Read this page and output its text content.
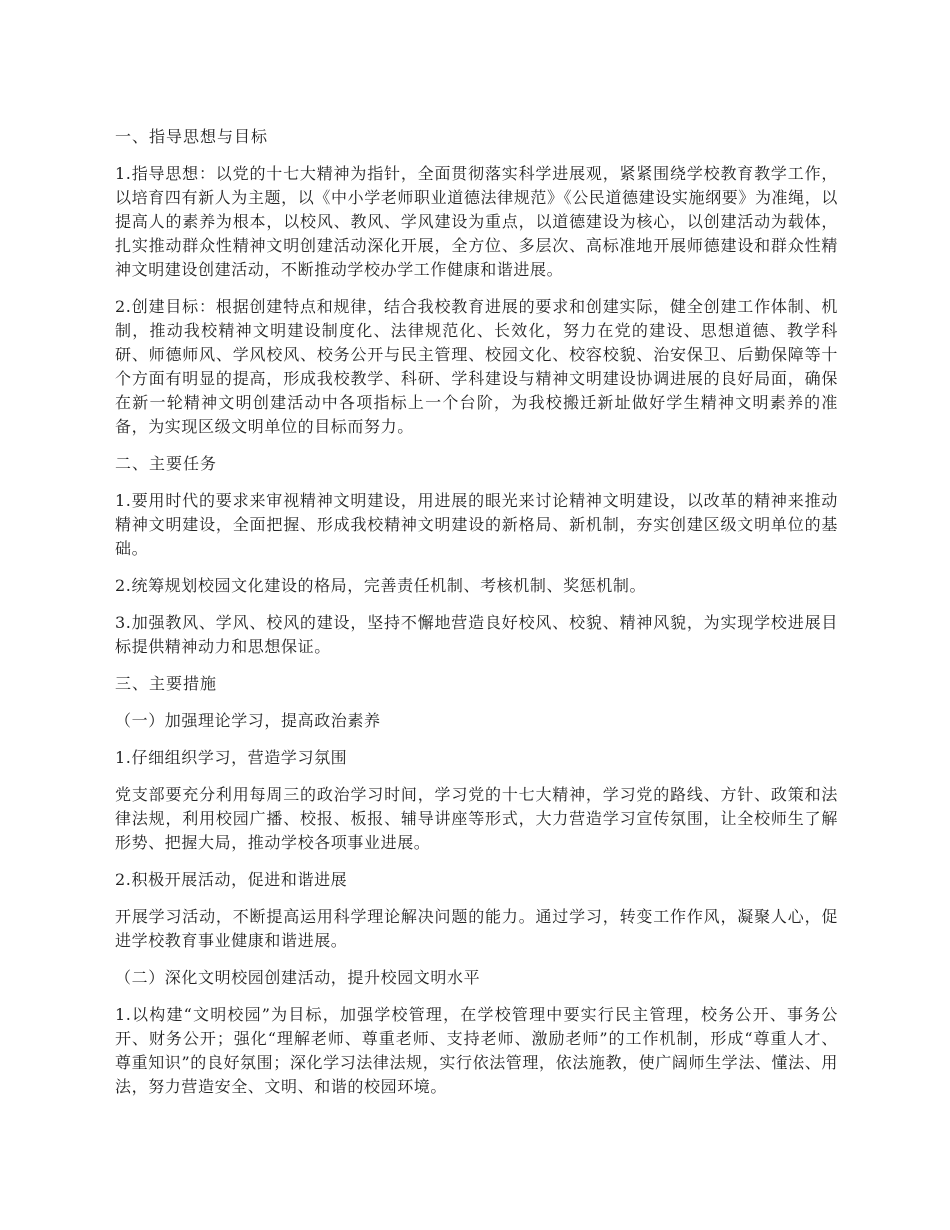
一、指导思想与目标

1.指导思想：以党的十七大精神为指针，全面贯彻落实科学进展观，紧紧围绕学校教育教学工作，以培育四有新人为主题，以《中小学老师职业道德法律规范》《公民道德建设实施纲要》为准绳，以提高人的素养为根本，以校风、教风、学风建设为重点，以道德建设为核心，以创建活动为载体，扎实推动群众性精神文明创建活动深化开展，全方位、多层次、高标准地开展师德建设和群众性精神文明建设创建活动，不断推动学校办学工作健康和谐进展。

2.创建目标：根据创建特点和规律，结合我校教育进展的要求和创建实际，健全创建工作体制、机制，推动我校精神文明建设制度化、法律规范化、长效化，努力在党的建设、思想道德、教学科研、师德师风、学风校风、校务公开与民主管理、校园文化、校容校貌、治安保卫、后勤保障等十个方面有明显的提高，形成我校教学、科研、学科建设与精神文明建设协调进展的良好局面，确保在新一轮精神文明创建活动中各项指标上一个台阶，为我校搬迁新址做好学生精神文明素养的准备，为实现区级文明单位的目标而努力。

二、主要任务

1.要用时代的要求来审视精神文明建设，用进展的眼光来讨论精神文明建设，以改革的精神来推动精神文明建设，全面把握、形成我校精神文明建设的新格局、新机制，夯实创建区级文明单位的基础。

2.统筹规划校园文化建设的格局，完善责任机制、考核机制、奖惩机制。

3.加强教风、学风、校风的建设，坚持不懈地营造良好校风、校貌、精神风貌，为实现学校进展目标提供精神动力和思想保证。

三、主要措施
（一）加强理论学习，提高政治素养
1.仔细组织学习，营造学习氛围

党支部要充分利用每周三的政治学习时间，学习党的十七大精神，学习党的路线、方针、政策和法律法规，利用校园广播、校报、板报、辅导讲座等形式，大力营造学习宣传氛围，让全校师生了解形势、把握大局，推动学校各项事业进展。

2.积极开展活动，促进和谐进展

开展学习活动，不断提高运用科学理论解决问题的能力。通过学习，转变工作作风，凝聚人心，促进学校教育事业健康和谐进展。

（二）深化文明校园创建活动，提升校园文明水平

1.以构建“文明校园”为目标，加强学校管理，在学校管理中要实行民主管理，校务公开、事务公开、财务公开；强化“理解老师、尊重老师、支持老师、激励老师”的工作机制，形成“尊重人才、尊重知识”的良好氛围；深化学习法律法规，实行依法管理，依法施教，使广阔师生学法、懂法、用法，努力营造安全、文明、和谐的校园环境。
